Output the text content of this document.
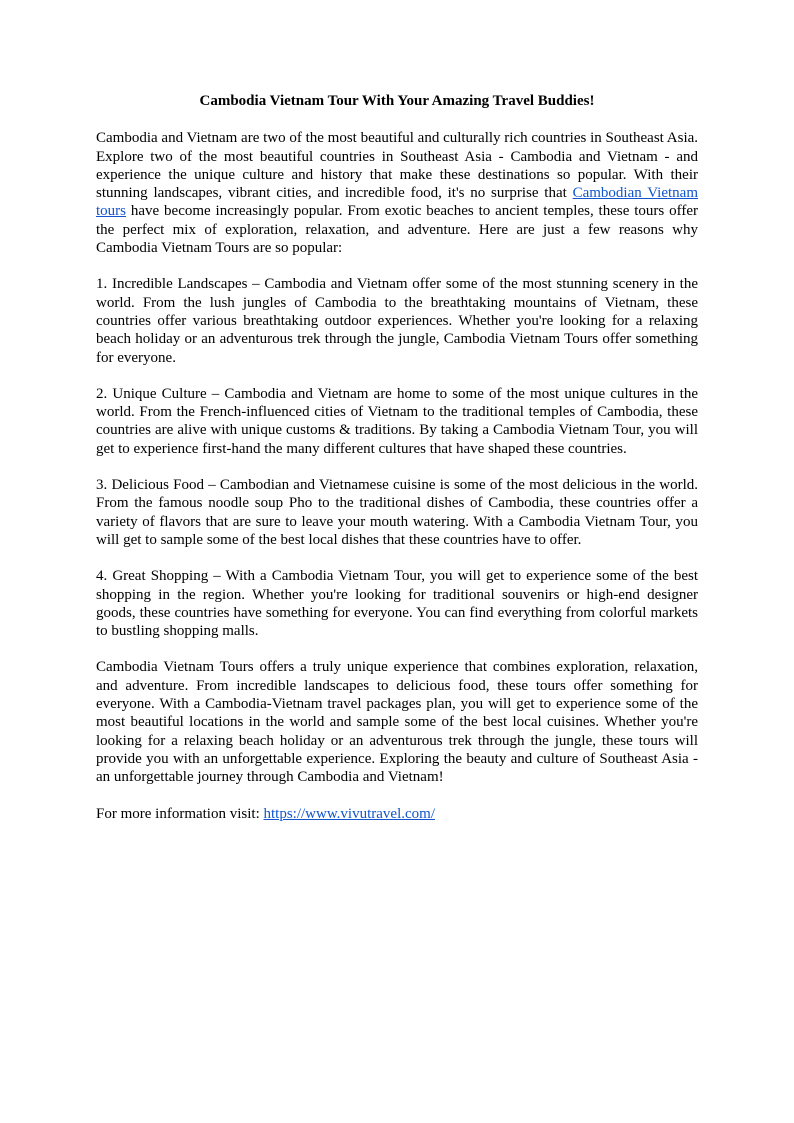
Cambodia Vietnam Tour With Your Amazing Travel Buddies!

Cambodia and Vietnam are two of the most beautiful and culturally rich countries in Southeast Asia. Explore two of the most beautiful countries in Southeast Asia - Cambodia and Vietnam - and experience the unique culture and history that make these destinations so popular. With their stunning landscapes, vibrant cities, and incredible food, it's no surprise that Cambodian Vietnam tours have become increasingly popular. From exotic beaches to ancient temples, these tours offer the perfect mix of exploration, relaxation, and adventure. Here are just a few reasons why Cambodia Vietnam Tours are so popular:

1. Incredible Landscapes – Cambodia and Vietnam offer some of the most stunning scenery in the world. From the lush jungles of Cambodia to the breathtaking mountains of Vietnam, these countries offer various breathtaking outdoor experiences. Whether you're looking for a relaxing beach holiday or an adventurous trek through the jungle, Cambodia Vietnam Tours offer something for everyone.

2. Unique Culture – Cambodia and Vietnam are home to some of the most unique cultures in the world. From the French-influenced cities of Vietnam to the traditional temples of Cambodia, these countries are alive with unique customs & traditions. By taking a Cambodia Vietnam Tour, you will get to experience first-hand the many different cultures that have shaped these countries.

3. Delicious Food – Cambodian and Vietnamese cuisine is some of the most delicious in the world. From the famous noodle soup Pho to the traditional dishes of Cambodia, these countries offer a variety of flavors that are sure to leave your mouth watering. With a Cambodia Vietnam Tour, you will get to sample some of the best local dishes that these countries have to offer.

4. Great Shopping – With a Cambodia Vietnam Tour, you will get to experience some of the best shopping in the region. Whether you're looking for traditional souvenirs or high-end designer goods, these countries have something for everyone. You can find everything from colorful markets to bustling shopping malls.

Cambodia Vietnam Tours offers a truly unique experience that combines exploration, relaxation, and adventure. From incredible landscapes to delicious food, these tours offer something for everyone. With a Cambodia-Vietnam travel packages plan, you will get to experience some of the most beautiful locations in the world and sample some of the best local cuisines. Whether you're looking for a relaxing beach holiday or an adventurous trek through the jungle, these tours will provide you with an unforgettable experience. Exploring the beauty and culture of Southeast Asia - an unforgettable journey through Cambodia and Vietnam!

For more information visit: https://www.vivutravel.com/
